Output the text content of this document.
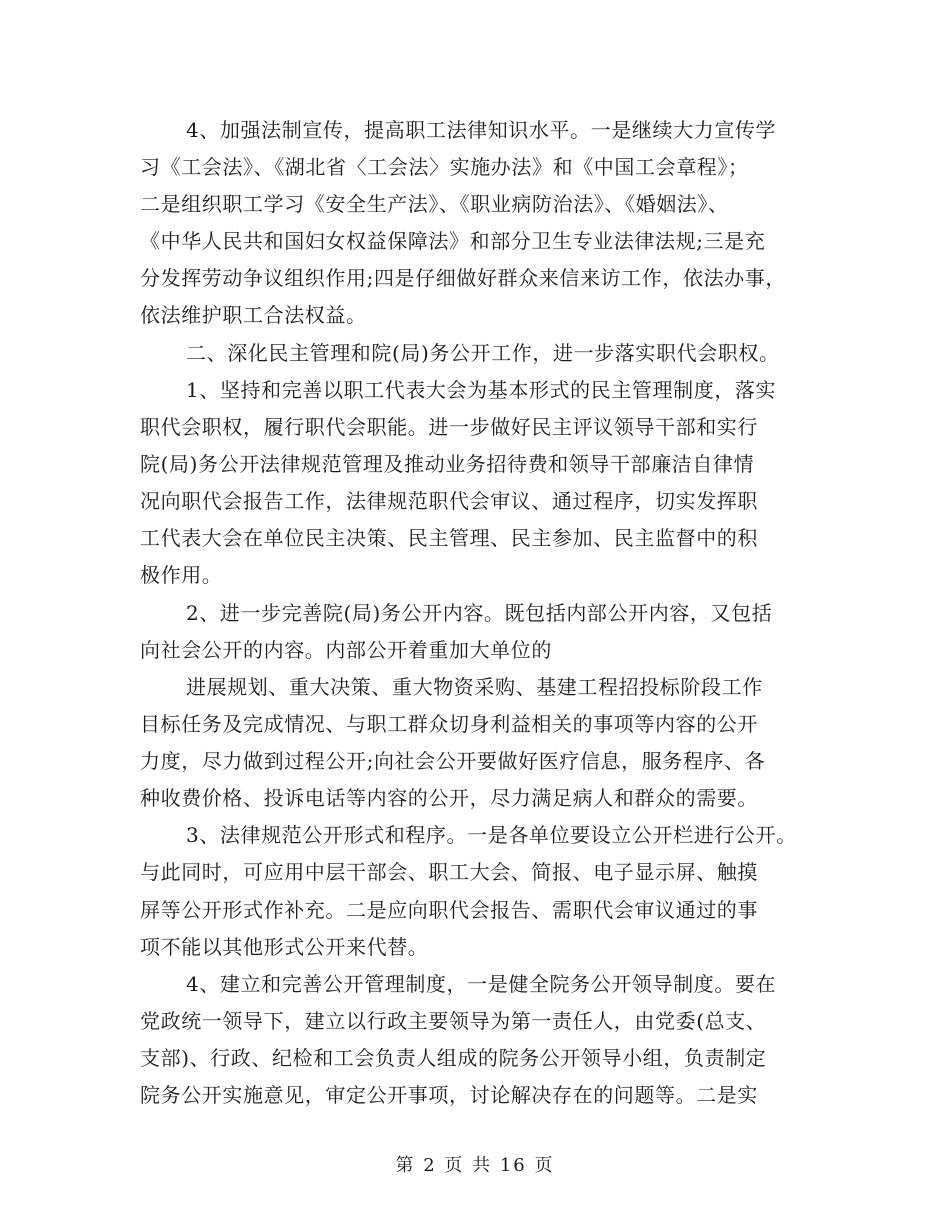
4、加强法制宣传，提高职工法律知识水平。一是继续大力宣传学
习《工会法》、《湖北省〈工会法〉实施办法》和《中国工会章程》；
二是组织职工学习《安全生产法》、《职业病防治法》、《婚姻法》、
《中华人民共和国妇女权益保障法》和部分卫生专业法律法规;三是充
分发挥劳动争议组织作用;四是仔细做好群众来信来访工作，依法办事，
依法维护职工合法权益。
二、深化民主管理和院(局)务公开工作，进一步落实职代会职权。
1、坚持和完善以职工代表大会为基本形式的民主管理制度，落实
职代会职权，履行职代会职能。进一步做好民主评议领导干部和实行
院(局)务公开法律规范管理及推动业务招待费和领导干部廉洁自律情
况向职代会报告工作，法律规范职代会审议、通过程序，切实发挥职
工代表大会在单位民主决策、民主管理、民主参加、民主监督中的积
极作用。
2、进一步完善院(局)务公开内容。既包括内部公开内容，又包括
向社会公开的内容。内部公开着重加大单位的
进展规划、重大决策、重大物资采购、基建工程招投标阶段工作
目标任务及完成情况、与职工群众切身利益相关的事项等内容的公开
力度，尽力做到过程公开;向社会公开要做好医疗信息，服务程序、各
种收费价格、投诉电话等内容的公开，尽力满足病人和群众的需要。
3、法律规范公开形式和程序。一是各单位要设立公开栏进行公开。
与此同时，可应用中层干部会、职工大会、简报、电子显示屏、触摸
屏等公开形式作补充。二是应向职代会报告、需职代会审议通过的事
项不能以其他形式公开来代替。
4、建立和完善公开管理制度，一是健全院务公开领导制度。要在
党政统一领导下，建立以行政主要领导为第一责任人，由党委(总支、
支部)、行政、纪检和工会负责人组成的院务公开领导小组，负责制定
院务公开实施意见，审定公开事项，讨论解决存在的问题等。二是实
第 2 页 共 16 页
